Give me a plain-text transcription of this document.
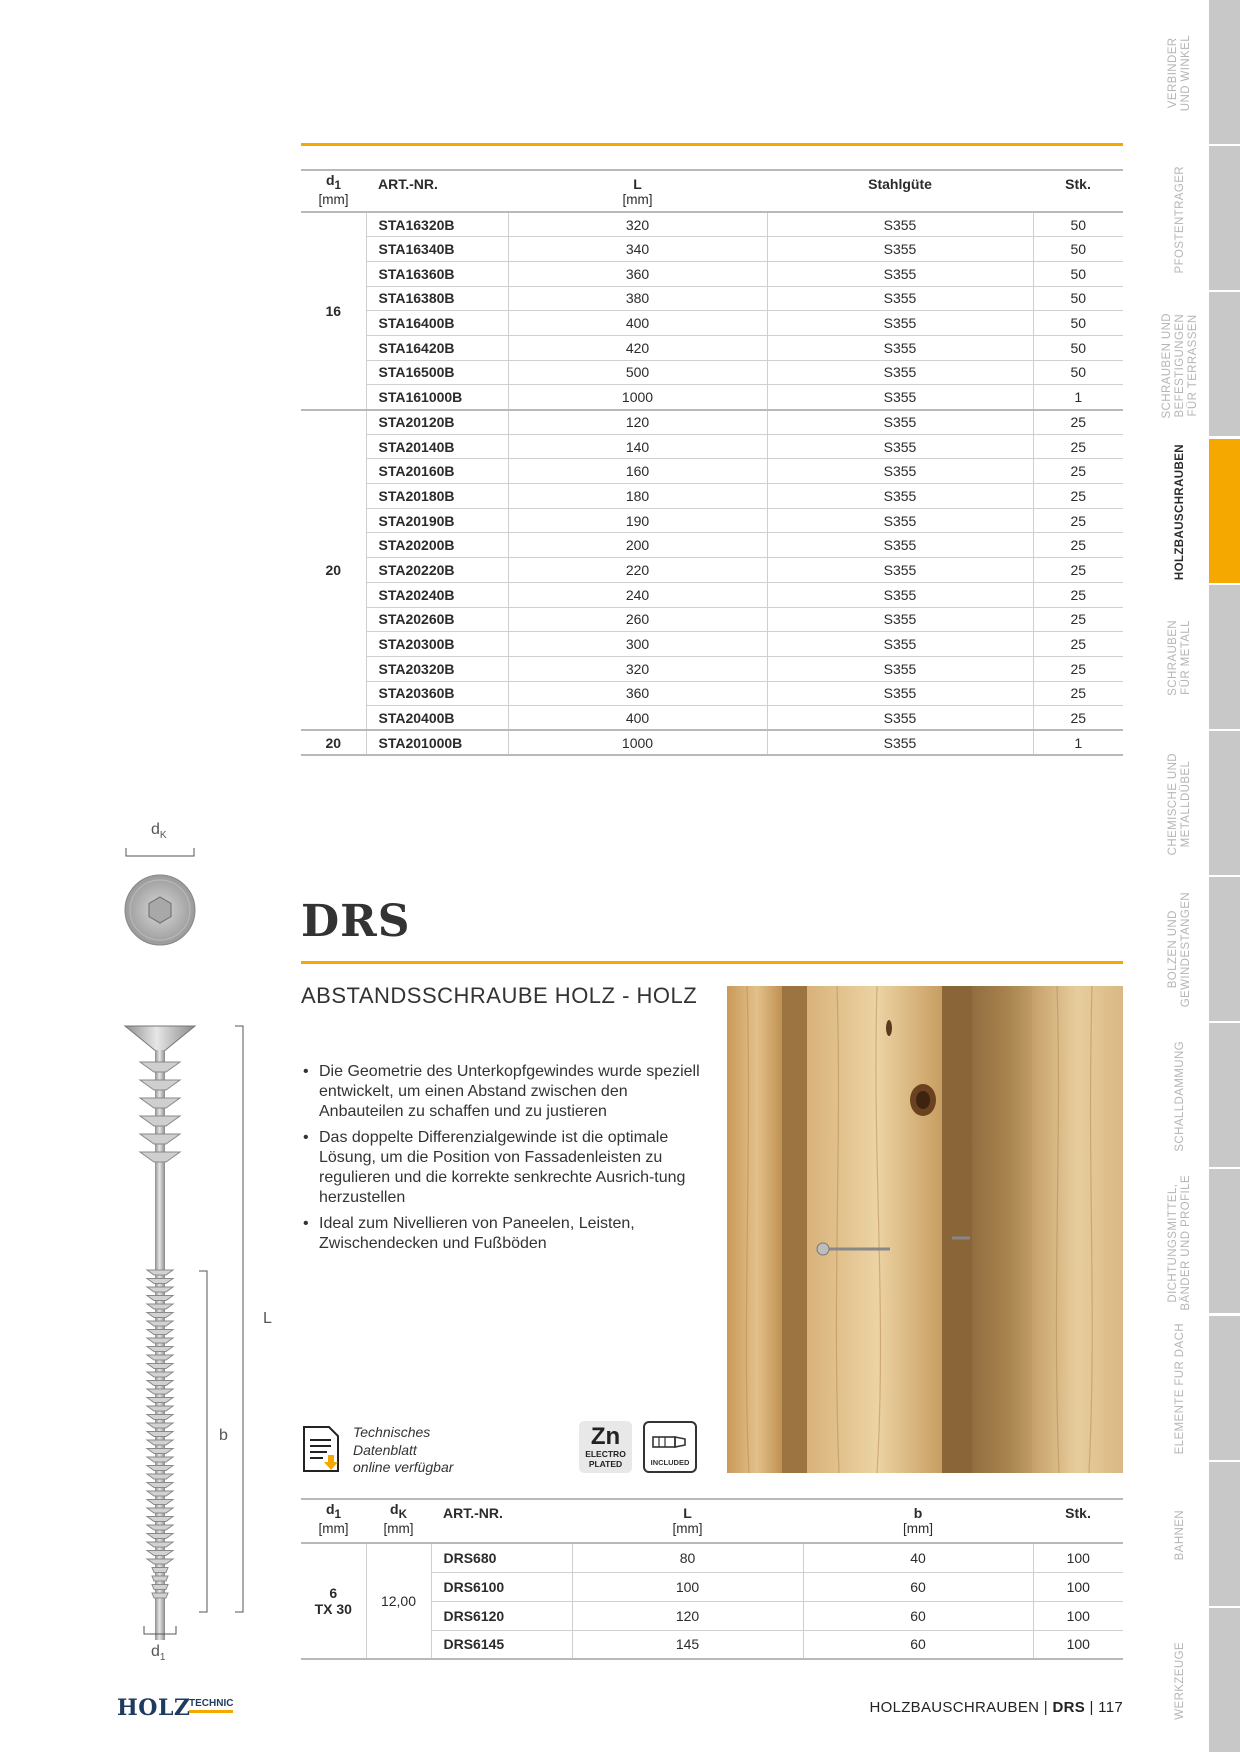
VERBINDER
UND WINKEL
PFOSTENTRÄGER
SCHRAUBEN UND
BEFESTIGUNGEN
FÜR TERRASSEN
HOLZBAUSCHRAUBEN
SCHRAUBEN
FÜR METALL
CHEMISCHE UND
METALLDÜBEL
BOLZEN UND
GEWINDESTANGEN
SCHALLDÄMMUNG
DICHTUNGSMITTEL,
BÄNDER UND PROFILE
ELEMENTE FÜR DACH
BAHNEN
WERKZEUGE
$d_1$	ART.-NR.	L	Stahlgüte	Stk.
[mm]		[mm]		
16	STA16320B	320	S355	50
	STA16340B	340	S355	50
	STA16360B	360	S355	50
	STA16380B	380	S355	50
	STA16400B	400	S355	50
	STA16420B	420	S355	50
	STA16500B	500	S355	50
	STA161000B	1000	S355	1
20	STA20120B	120	S355	25
	STA20140B	140	S355	25
	STA20160B	160	S355	25
	STA20180B	180	S355	25
	STA20190B	190	S355	25
	STA20200B	200	S355	25
	STA20220B	220	S355	25
	STA20240B	240	S355	25
	STA20260B	260	S355	25
	STA20300B	300	S355	25
	STA20320B	320	S355	25
	STA20360B	360	S355	25
	STA20400B	400	S355	25
20	STA201000B	1000	S355	1
$d_K$
$d_1$
L
b
DRS
ABSTANDSSCHRAUBE HOLZ - HOLZ
• Die Geometrie des Unterkopfgewindes wurde speziell entwickelt, um einen Abstand zwischen den Anbauteilen zu schaffen und zu justieren
• Das doppelte Differenzialgewinde ist die optimale Lösung, um die Position von Fassadenleisten zu regulieren und die korrekte senkrechte Ausrich-tung herzustellen
• Ideal zum Nivellieren von Paneelen, Leisten, Zwischendecken und Fußböden
Technisches
Datenblatt
online verfügbar
Zn
ELECTRO
PLATED	INCLUDED
$d_1$	$d_K$	ART.-NR.	L	b	Stk.
[mm]	[mm]		[mm]	[mm]	

6
TX 30	12,00	DRS680	80	40	100
		DRS6100	100	60	100
		DRS6120	120	60	100
		DRS6145	145	60	100
HOLZ
TECHNIC	HOLZBAUSCHRAUBEN | DRS | 117
